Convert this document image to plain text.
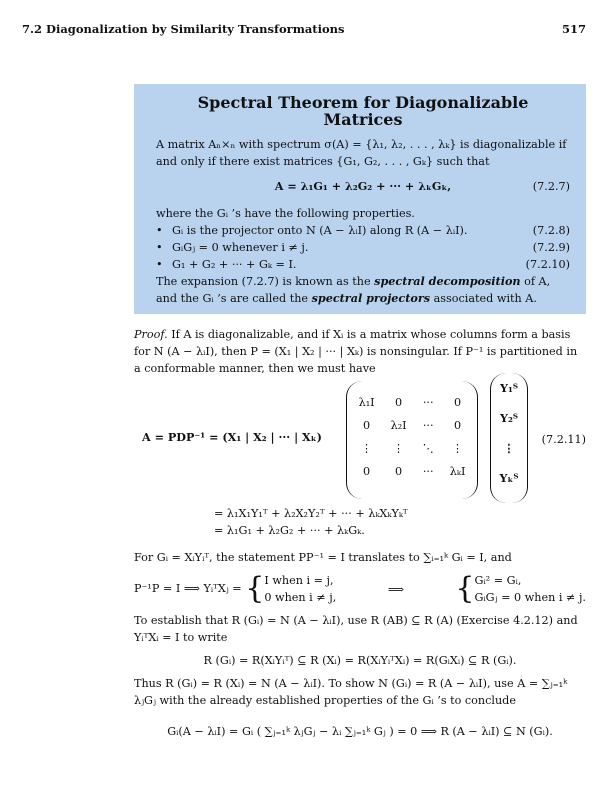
7.2 Diagonalization by Similarity Transformations	517
Spectral Theorem for Diagonalizable Matrices
A matrix Aₙ×ₙ with spectrum σ(A) = {λ₁, λ₂, . . . , λₖ} is diagonalizable if and only if there exist matrices {G₁, G₂, . . . , Gₖ} such that
A = λ₁G₁ + λ₂G₂ + ··· + λₖGₖ,	(7.2.7)
where the Gᵢ ’s have the following properties.
• Gᵢ is the projector onto N (A − λᵢI) along R (A − λᵢI).	(7.2.8)
• GᵢGⱼ = 0 whenever i ≠ j.	(7.2.9)
• G₁ + G₂ + ··· + Gₖ = I.	(7.2.10)
The expansion (7.2.7) is known as the spectral decomposition of A, and the Gᵢ ’s are called the spectral projectors associated with A.

Proof. If A is diagonalizable, and if Xᵢ is a matrix whose columns form a basis for N (A − λᵢI), then P = (X₁ | X₂ | ··· | Xₖ) is nonsingular. If P⁻¹ is partitioned in a conformable manner, then we must have

A = PDP⁻¹ = (X₁ | X₂ | ··· | Xₖ)
λ₁I	0	···	0
0	λ₂I	···	0
⋮	⋮	⋱	⋮
0	0	···	λₖI
Y₁ᵀ
Y₂ᵀ
⋮
Yₖᵀ
(7.2.11)
= λ₁X₁Y₁ᵀ + λ₂X₂Y₂ᵀ + ··· + λₖXₖYₖᵀ
= λ₁G₁ + λ₂G₂ + ··· + λₖGₖ.

For Gᵢ = XᵢYᵢᵀ, the statement PP⁻¹ = I translates to ∑ᵢ₌₁ᵏ Gᵢ = I, and

P⁻¹P = I ⟹ YᵢᵀXⱼ = { I when i = j,
0 when i ≠ j,
⟹ { Gᵢ² = Gᵢ,
GᵢGⱼ = 0 when i ≠ j.

To establish that R (Gᵢ) = N (A − λᵢI), use R (AB) ⊆ R (A) (Exercise 4.2.12) and YᵢᵀXᵢ = I to write

R (Gᵢ) = R(XᵢYᵢᵀ) ⊆ R (Xᵢ) = R(XᵢYᵢᵀXᵢ) = R(GᵢXᵢ) ⊆ R (Gᵢ).

Thus R (Gᵢ) = R (Xᵢ) = N (A − λᵢI). To show N (Gᵢ) = R (A − λᵢI), use A = ∑ⱼ₌₁ᵏ λⱼGⱼ with the already established properties of the Gᵢ ’s to conclude

Gᵢ(A − λᵢI) = Gᵢ ( ∑ⱼ₌₁ᵏ λⱼGⱼ − λᵢ ∑ⱼ₌₁ᵏ Gⱼ ) = 0 ⟹ R (A − λᵢI) ⊆ N (Gᵢ).
